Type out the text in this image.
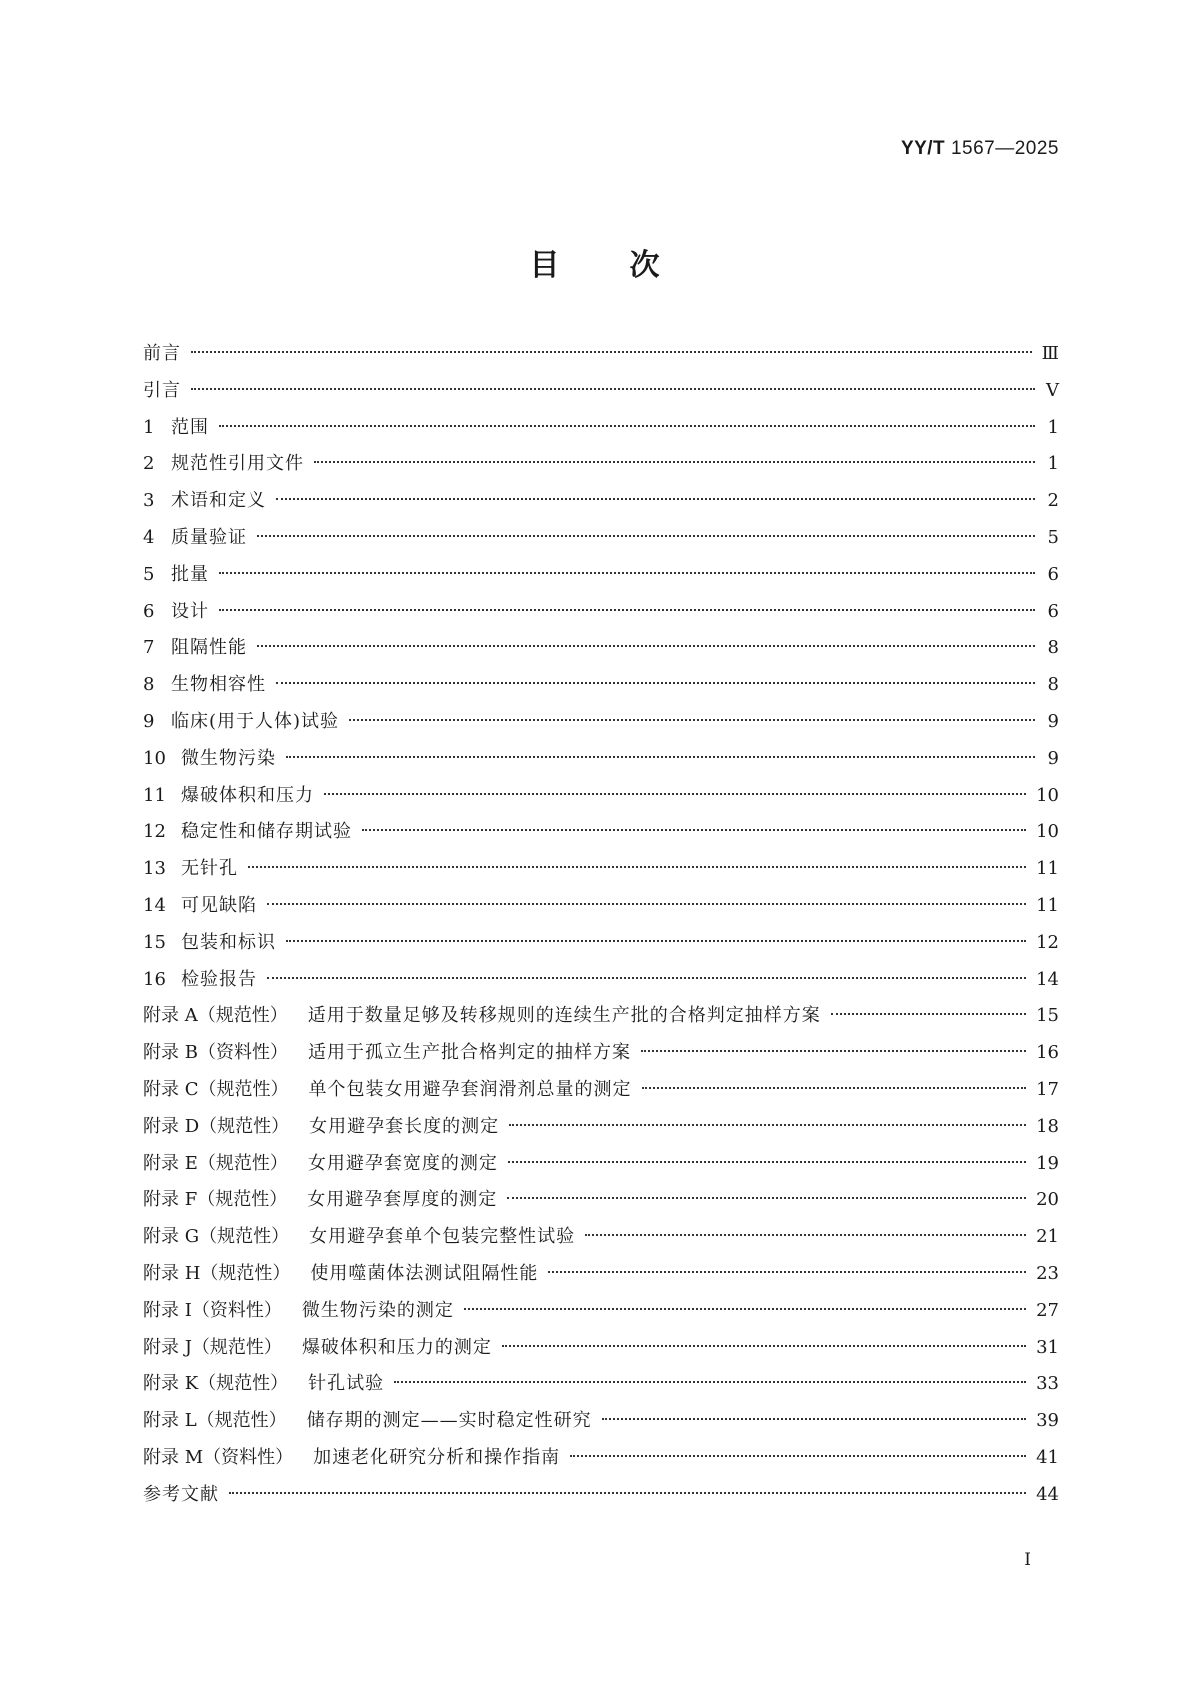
YY/T 1567—2025
目 次
前言	Ⅲ
引言	Ⅴ
1 范围	1
2 规范性引用文件	1
3 术语和定义	2
4 质量验证	5
5 批量	6
6 设计	6
7 阻隔性能	8
8 生物相容性	8
9 临床(用于人体)试验	9
10 微生物污染	9
11 爆破体积和压力	10
12 稳定性和储存期试验	10
13 无针孔	11
14 可见缺陷	11
15 包装和标识	12
16 检验报告	14
附录 A（规范性） 适用于数量足够及转移规则的连续生产批的合格判定抽样方案	15
附录 B（资料性） 适用于孤立生产批合格判定的抽样方案	16
附录 C（规范性） 单个包装女用避孕套润滑剂总量的测定	17
附录 D（规范性） 女用避孕套长度的测定	18
附录 E（规范性） 女用避孕套宽度的测定	19
附录 F（规范性） 女用避孕套厚度的测定	20
附录 G（规范性） 女用避孕套单个包装完整性试验	21
附录 H（规范性） 使用噬菌体法测试阻隔性能	23
附录 I（资料性） 微生物污染的测定	27
附录 J（规范性） 爆破体积和压力的测定	31
附录 K（规范性） 针孔试验	33
附录 L（规范性） 储存期的测定——实时稳定性研究	39
附录 M（资料性） 加速老化研究分析和操作指南	41
参考文献	44
I
